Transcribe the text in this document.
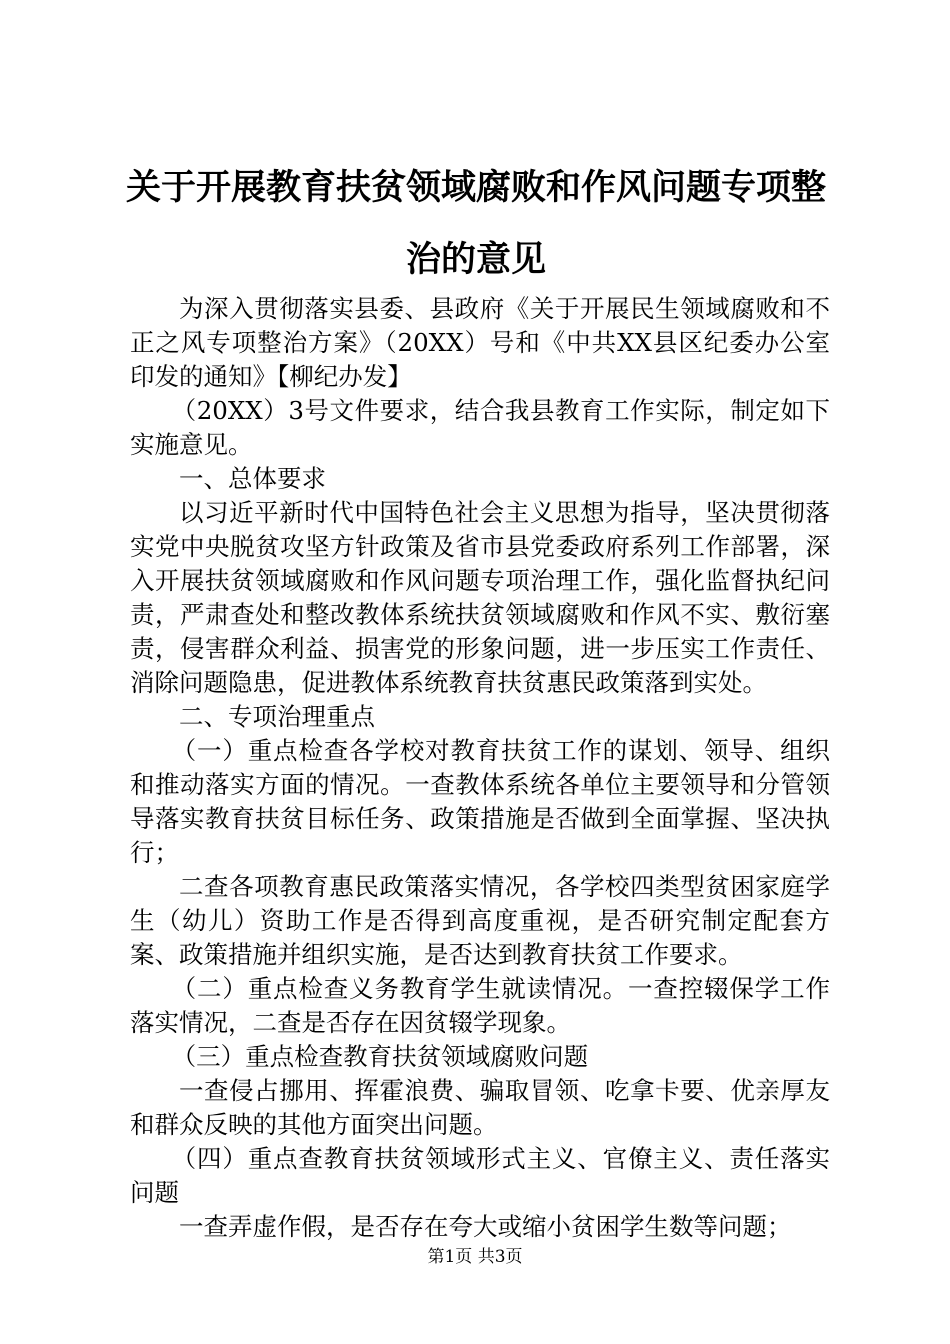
关于开展教育扶贫领域腐败和作风问题专项整治的意见

为深入贯彻落实县委、县政府《关于开展民生领域腐败和不正之风专项整治方案》（20XX）号和《中共XX县区纪委办公室印发的通知》【柳纪办发】

（20XX）3号文件要求，结合我县教育工作实际，制定如下实施意见。

一、总体要求

以习近平新时代中国特色社会主义思想为指导，坚决贯彻落实党中央脱贫攻坚方针政策及省市县党委政府系列工作部署，深入开展扶贫领域腐败和作风问题专项治理工作，强化监督执纪问责，严肃查处和整改教体系统扶贫领域腐败和作风不实、敷衍塞责，侵害群众利益、损害党的形象问题，进一步压实工作责任、消除问题隐患，促进教体系统教育扶贫惠民政策落到实处。

二、专项治理重点

（一）重点检查各学校对教育扶贫工作的谋划、领导、组织和推动落实方面的情况。一查教体系统各单位主要领导和分管领导落实教育扶贫目标任务、政策措施是否做到全面掌握、坚决执行；

二查各项教育惠民政策落实情况，各学校四类型贫困家庭学生（幼儿）资助工作是否得到高度重视，是否研究制定配套方案、政策措施并组织实施，是否达到教育扶贫工作要求。

（二）重点检查义务教育学生就读情况。一查控辍保学工作落实情况，二查是否存在因贫辍学现象。

（三）重点检查教育扶贫领域腐败问题

一查侵占挪用、挥霍浪费、骗取冒领、吃拿卡要、优亲厚友和群众反映的其他方面突出问题。

（四）重点查教育扶贫领域形式主义、官僚主义、责任落实问题

一查弄虚作假，是否存在夸大或缩小贫困学生数等问题；

第1页 共3页
